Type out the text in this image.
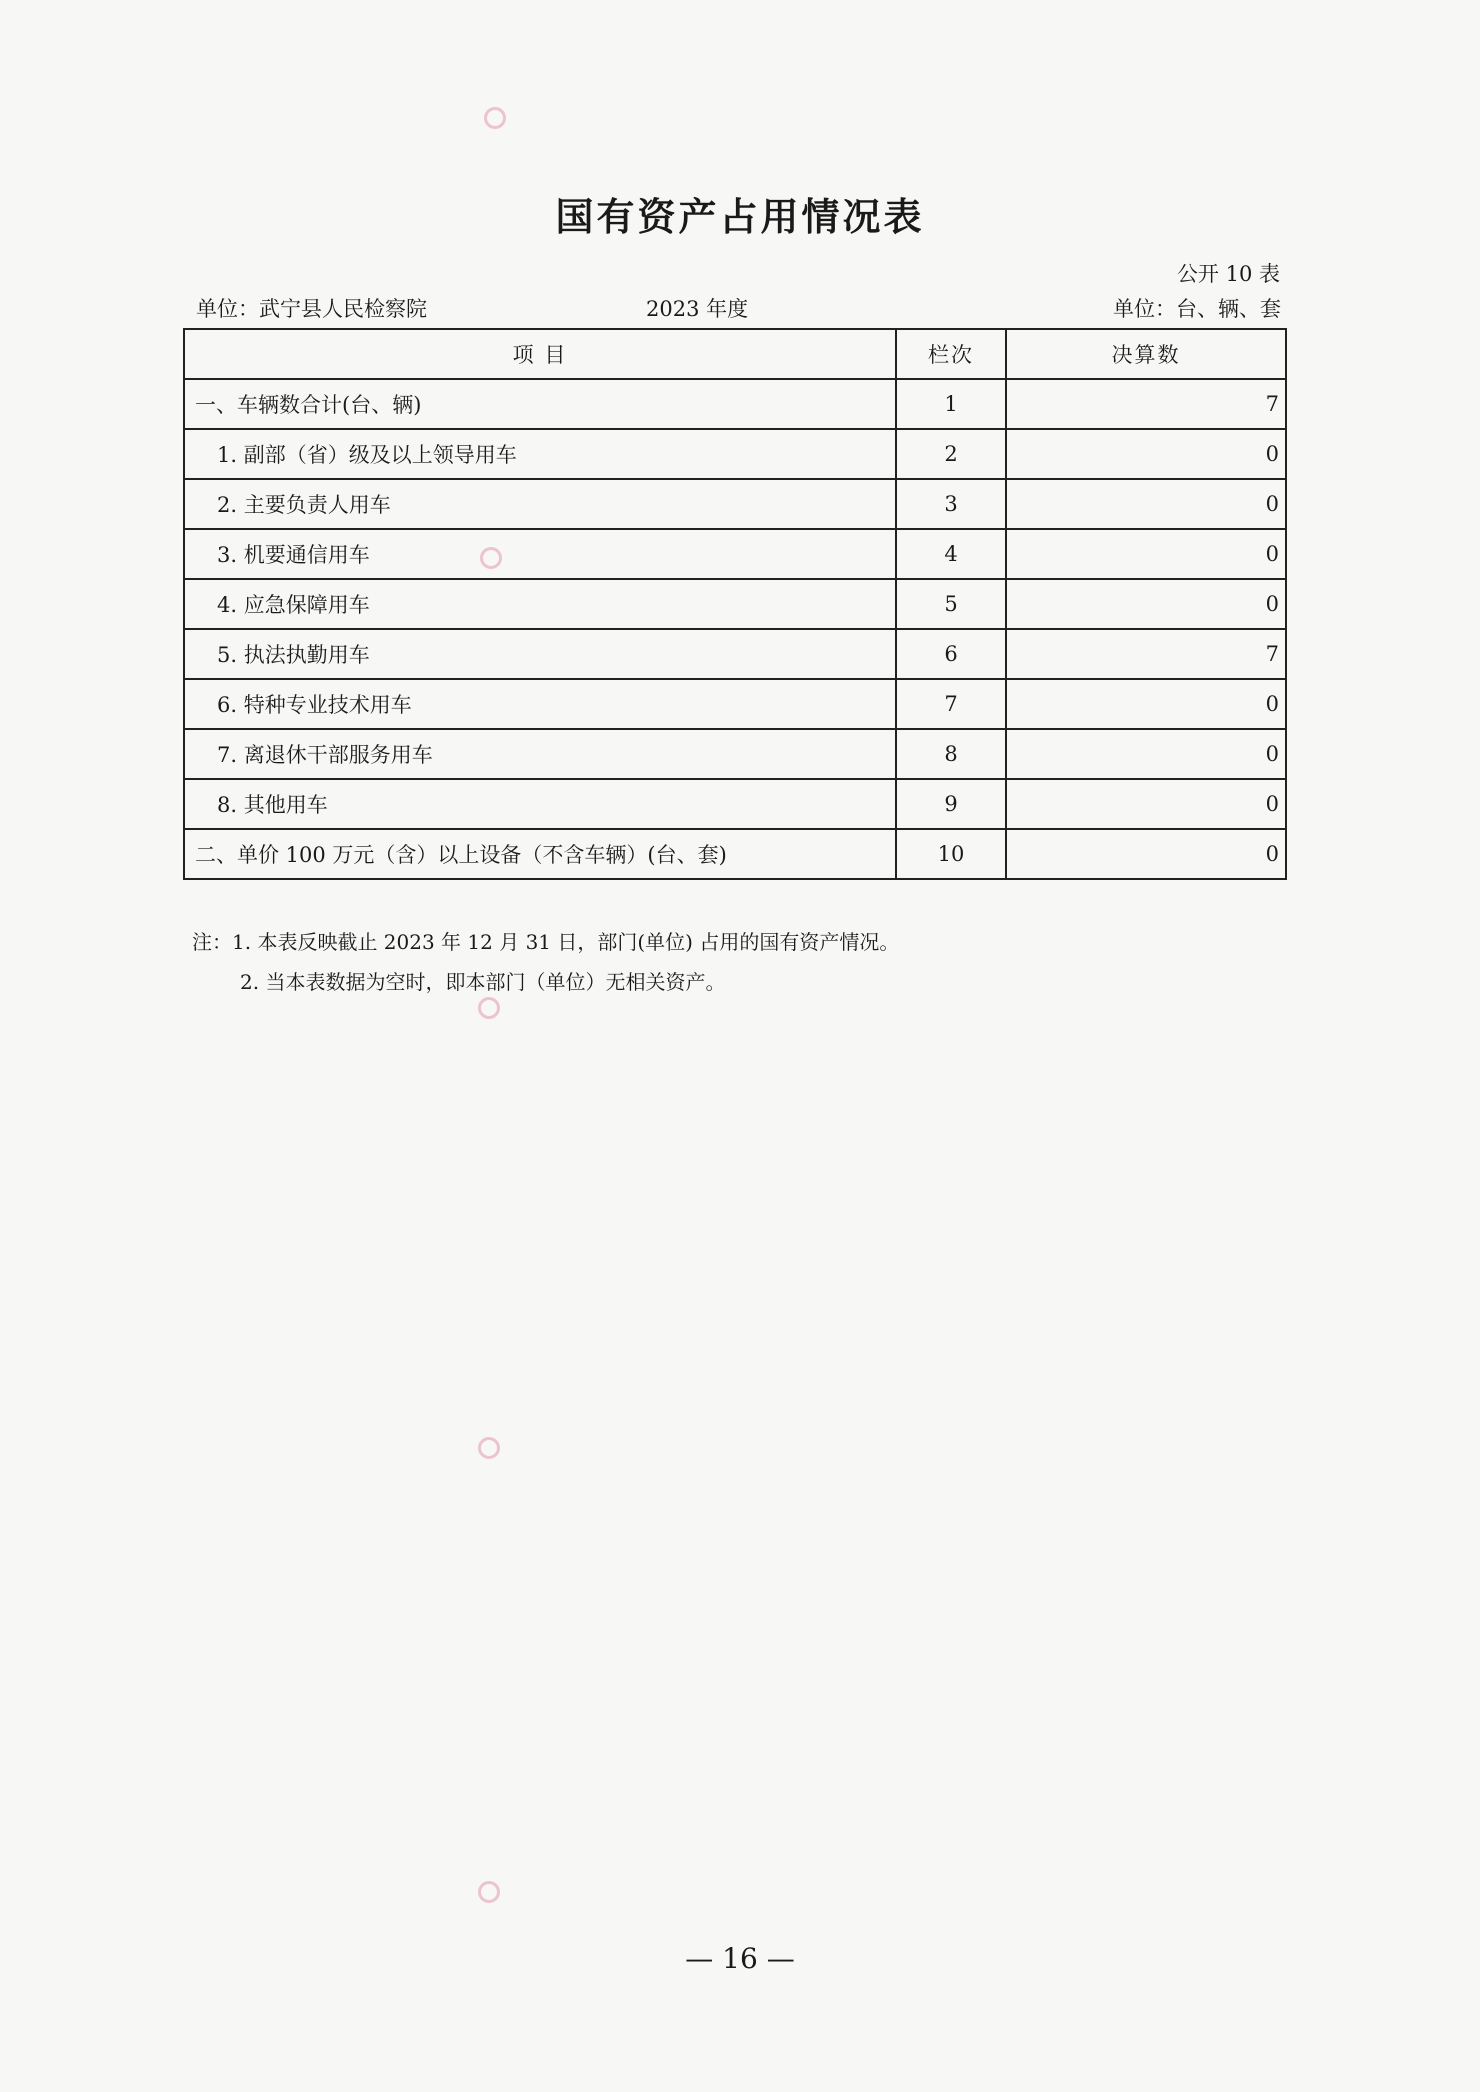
国有资产占用情况表
公开 10 表
单位：武宁县人民检察院	2023 年度	单位：台、辆、套
项 目	栏次	决算数
一、车辆数合计(台、辆)	1	7
1. 副部（省）级及以上领导用车	2	0
2. 主要负责人用车	3	0
3. 机要通信用车	4	0
4. 应急保障用车	5	0
5. 执法执勤用车	6	7
6. 特种专业技术用车	7	0
7. 离退休干部服务用车	8	0
8. 其他用车	9	0
二、单价 100 万元（含）以上设备（不含车辆）(台、套)	10	0
注：1. 本表反映截止 2023 年 12 月 31 日，部门(单位) 占用的国有资产情况。
2. 当本表数据为空时，即本部门（单位）无相关资产。
— 16 —
